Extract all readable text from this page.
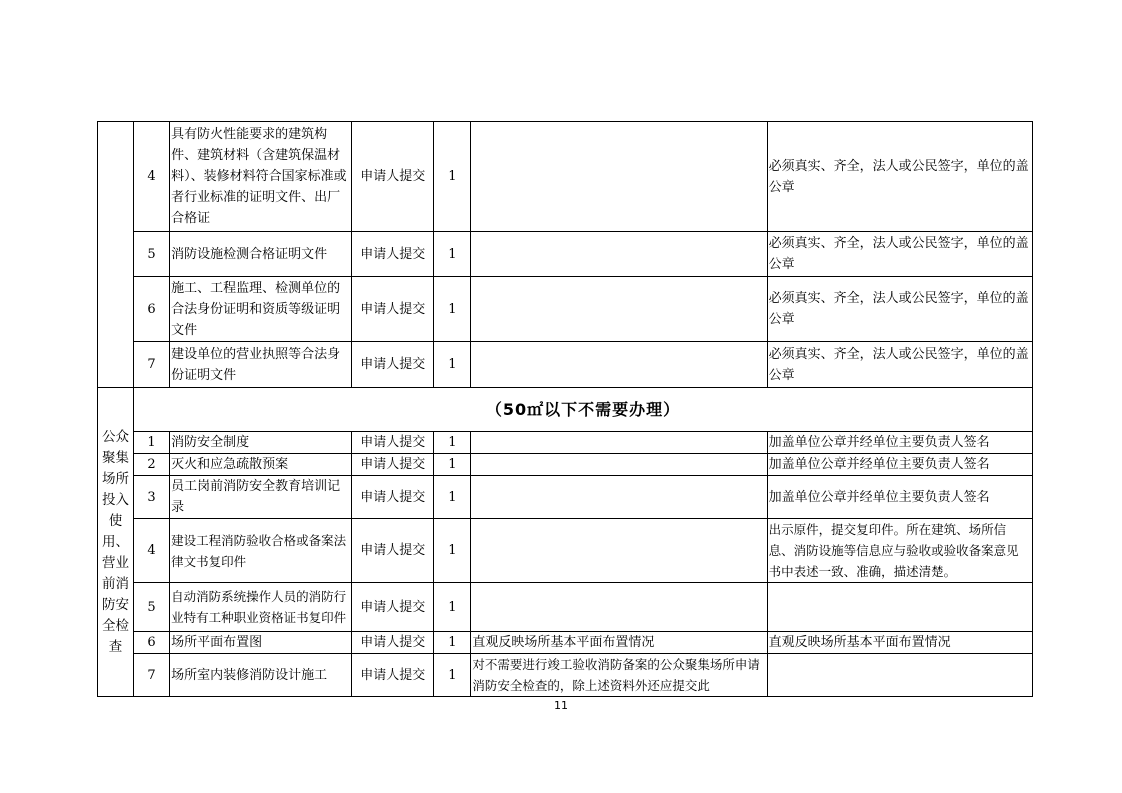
	4	具有防火性能要求的建筑构件、建筑材料（含建筑保温材料）、装修材料符合国家标准或者行业标准的证明文件、出厂合格证	申请人提交	1		必须真实、齐全，法人或公民签字，单位的盖公章
	5	消防设施检测合格证明文件	申请人提交	1		必须真实、齐全，法人或公民签字，单位的盖公章
	6	施工、工程监理、检测单位的合法身份证明和资质等级证明文件	申请人提交	1		必须真实、齐全，法人或公民签字，单位的盖公章
	7	建设单位的营业执照等合法身份证明文件	申请人提交	1		必须真实、齐全，法人或公民签字，单位的盖公章
公众聚集场所投入使用、营业前消防安全检查	（50㎡以下不需要办理）					
	1	消防安全制度	申请人提交	1		加盖单位公章并经单位主要负责人签名
	2	灭火和应急疏散预案	申请人提交	1		加盖单位公章并经单位主要负责人签名
	3	员工岗前消防安全教育培训记录	申请人提交	1		加盖单位公章并经单位主要负责人签名
	4	建设工程消防验收合格或备案法律文书复印件	申请人提交	1		出示原件，提交复印件。所在建筑、场所信息、消防设施等信息应与验收或验收备案意见书中表述一致、准确，描述清楚。
	5	自动消防系统操作人员的消防行业特有工种职业资格证书复印件	申请人提交	1		
	6	场所平面布置图	申请人提交	1	直观反映场所基本平面布置情况	直观反映场所基本平面布置情况
	7	场所室内装修消防设计施工	申请人提交	1	对不需要进行竣工验收消防备案的公众聚集场所申请消防安全检查的，除上述资料外还应提交此	
11
